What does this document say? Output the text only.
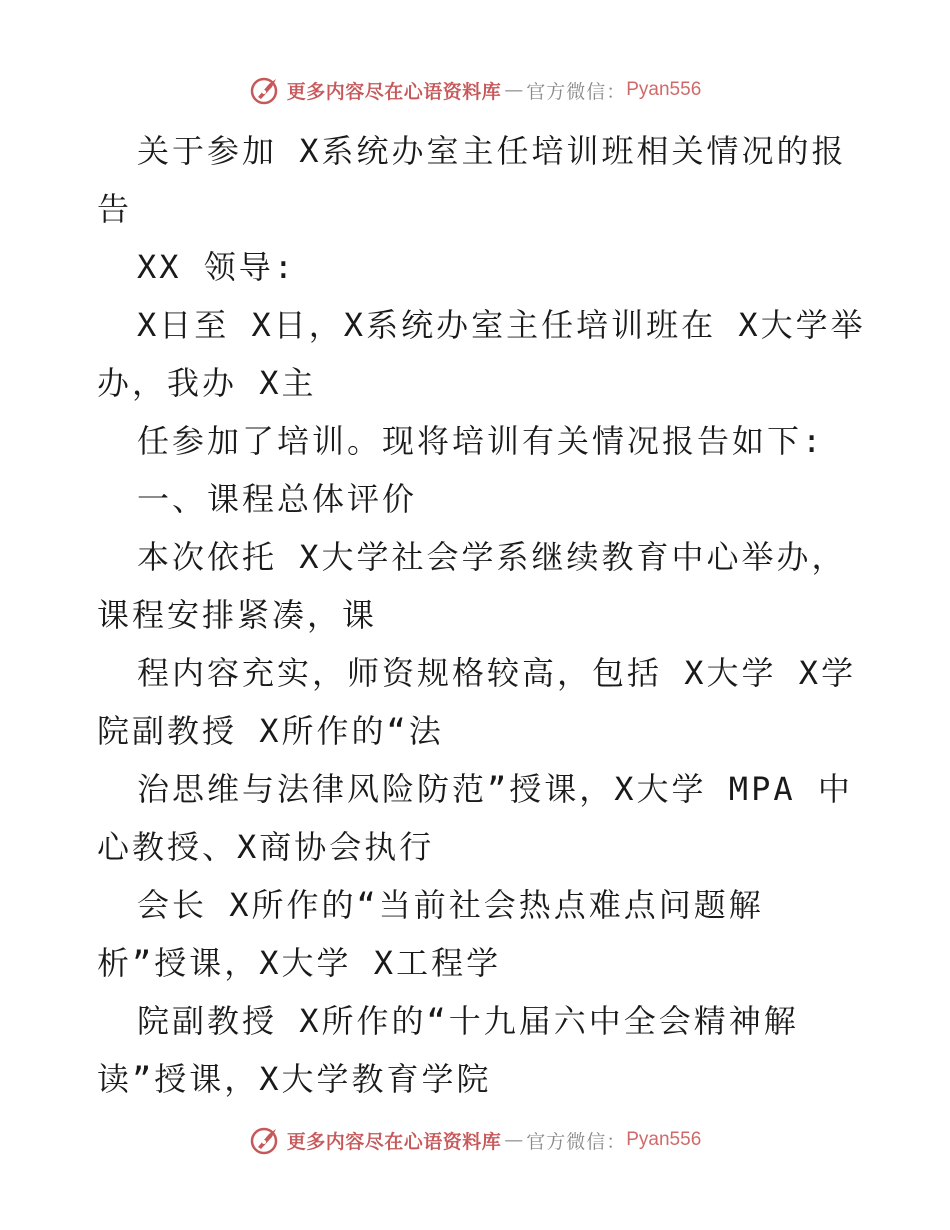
更多内容尽在心语资料库 — 官方微信： Pyan556

关于参加 X系统办室主任培训班相关情况的报

告

XX 领导:

X日至 X日，X系统办室主任培训班在 X大学举

办，我办 X主

任参加了培训。现将培训有关情况报告如下:

一、课程总体评价

本次依托 X大学社会学系继续教育中心举办，

课程安排紧凑，课

程内容充实，师资规格较高，包括 X大学 X学

院副教授 X所作的“法

治思维与法律风险防范”授课，X大学 MPA 中

心教授、X商协会执行

会长 X所作的“当前社会热点难点问题解

析”授课，X大学 X工程学

院副教授 X所作的“十九届六中全会精神解

读”授课，X大学教育学院

更多内容尽在心语资料库 — 官方微信： Pyan556
